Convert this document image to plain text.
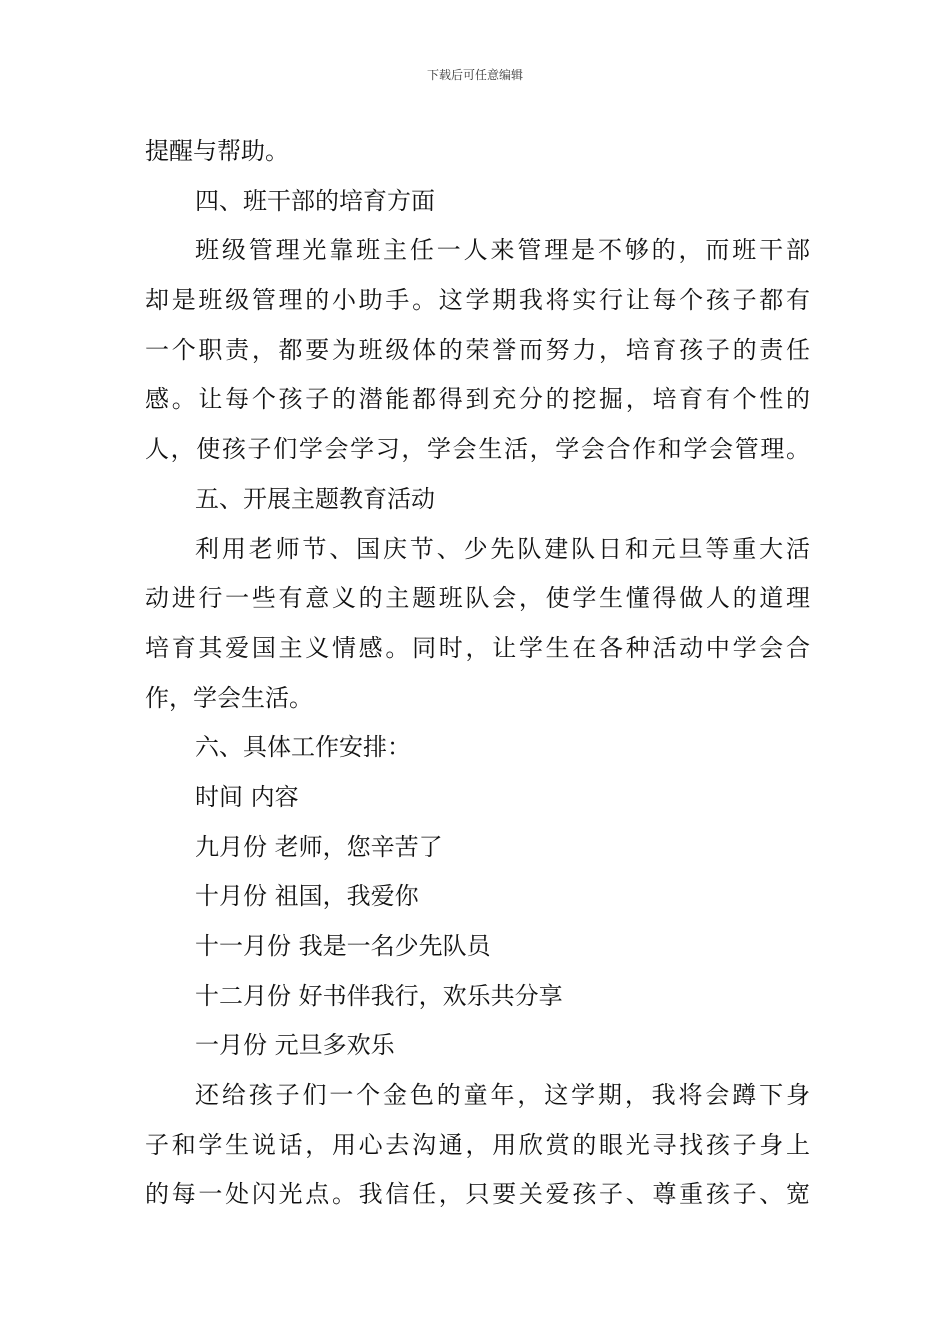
下载后可任意编辑
提醒与帮助。
四、班干部的培育方面
班级管理光靠班主任一人来管理是不够的，而班干部
却是班级管理的小助手。这学期我将实行让每个孩子都有
一个职责，都要为班级体的荣誉而努力，培育孩子的责任
感。让每个孩子的潜能都得到充分的挖掘，培育有个性的
人，使孩子们学会学习，学会生活，学会合作和学会管理。
五、开展主题教育活动
利用老师节、国庆节、少先队建队日和元旦等重大活
动进行一些有意义的主题班队会，使学生懂得做人的道理
培育其爱国主义情感。同时，让学生在各种活动中学会合
作，学会生活。
六、具体工作安排：
时间 内容
九月份 老师，您辛苦了
十月份 祖国，我爱你
十一月份 我是一名少先队员
十二月份 好书伴我行，欢乐共分享
一月份 元旦多欢乐
还给孩子们一个金色的童年，这学期，我将会蹲下身
子和学生说话，用心去沟通，用欣赏的眼光寻找孩子身上
的每一处闪光点。我信任，只要关爱孩子、尊重孩子、宽
